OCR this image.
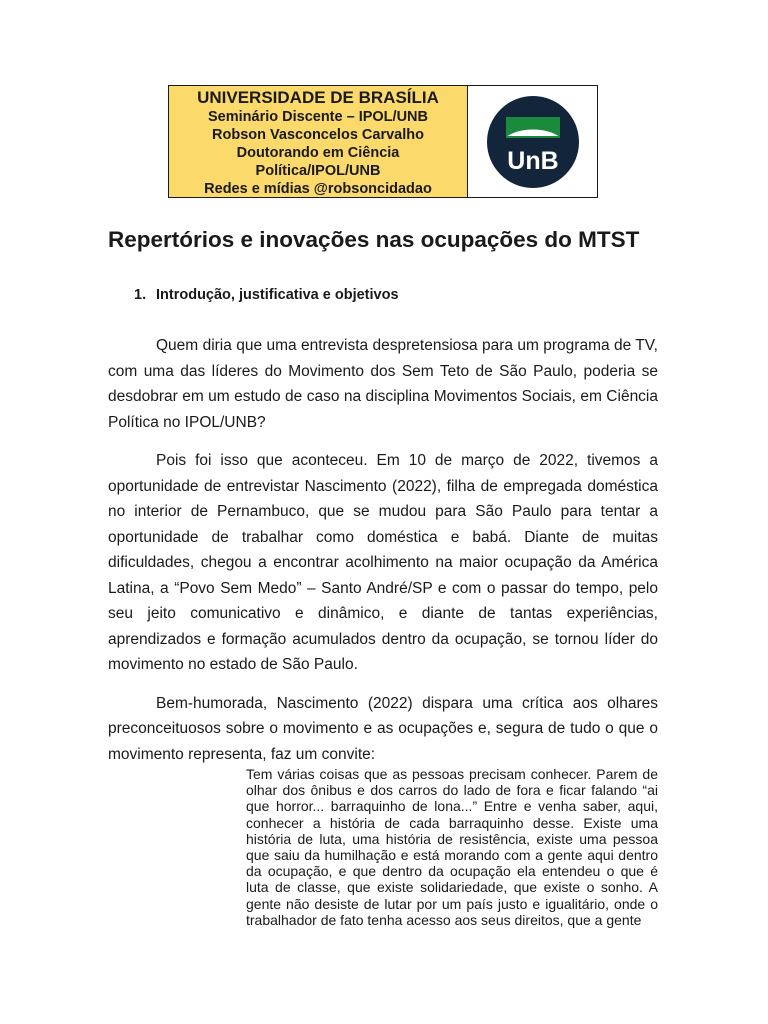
UNIVERSIDADE DE BRASÍLIA
Seminário Discente – IPOL/UNB
Robson Vasconcelos Carvalho
Doutorando em Ciência
Política/IPOL/UNB
Redes e mídias @robsoncidadao
UnB
Repertórios e inovações nas ocupações do MTST
1. Introdução, justificativa e objetivos

Quem diria que uma entrevista despretensiosa para um programa de TV, com uma das líderes do Movimento dos Sem Teto de São Paulo, poderia se desdobrar em um estudo de caso na disciplina Movimentos Sociais, em Ciência Política no IPOL/UNB?

Pois foi isso que aconteceu. Em 10 de março de 2022, tivemos a oportunidade de entrevistar Nascimento (2022), filha de empregada doméstica no interior de Pernambuco, que se mudou para São Paulo para tentar a oportunidade de trabalhar como doméstica e babá. Diante de muitas dificuldades, chegou a encontrar acolhimento na maior ocupação da América Latina, a “Povo Sem Medo” – Santo André/SP e com o passar do tempo, pelo seu jeito comunicativo e dinâmico, e diante de tantas experiências, aprendizados e formação acumulados dentro da ocupação, se tornou líder do movimento no estado de São Paulo.

Bem-humorada, Nascimento (2022) dispara uma crítica aos olhares preconceituosos sobre o movimento e as ocupações e, segura de tudo o que o movimento representa, faz um convite:

Tem várias coisas que as pessoas precisam conhecer. Parem de olhar dos ônibus e dos carros do lado de fora e ficar falando “ai que horror... barraquinho de lona...” Entre e venha saber, aqui, conhecer a história de cada barraquinho desse. Existe uma história de luta, uma história de resistência, existe uma pessoa que saiu da humilhação e está morando com a gente aqui dentro da ocupação, e que dentro da ocupação ela entendeu o que é luta de classe, que existe solidariedade, que existe o sonho. A gente não desiste de lutar por um país justo e igualitário, onde o trabalhador de fato tenha acesso aos seus direitos, que a gente
